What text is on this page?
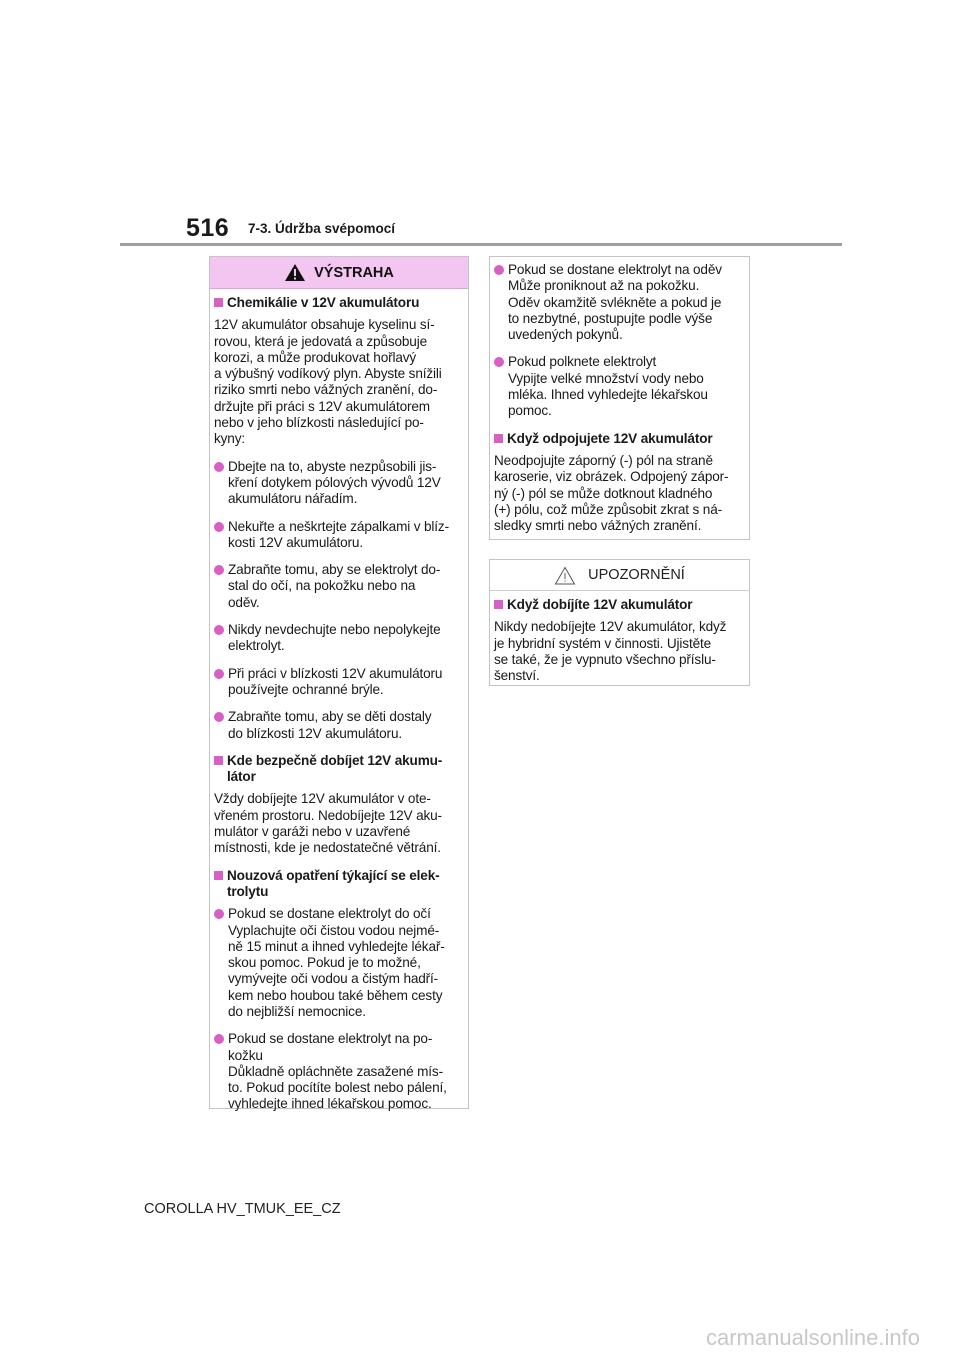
516 7-3. Údržba svépomocí
VÝSTRAHA
Chemikálie v 12V akumulátoru
12V akumulátor obsahuje kyselinu sí-
rovou, která je jedovatá a způsobuje
korozi, a může produkovat hořlavý
a výbušný vodíkový plyn. Abyste snížili
riziko smrti nebo vážných zranění, do-
držujte při práci s 12V akumulátorem
nebo v jeho blízkosti následující po-
kyny:
Dbejte na to, abyste nezpůsobili jis-
kření dotykem pólových vývodů 12V
akumulátoru nářadím.
Nekuřte a neškrtejte zápalkami v blíz-
kosti 12V akumulátoru.
Zabraňte tomu, aby se elektrolyt do-
stal do očí, na pokožku nebo na
oděv.
Nikdy nevdechujte nebo nepolykejte
elektrolyt.
Při práci v blízkosti 12V akumulátoru
používejte ochranné brýle.
Zabraňte tomu, aby se děti dostaly
do blízkosti 12V akumulátoru.
Kde bezpečně dobíjet 12V akumu-
látor
Vždy dobíjejte 12V akumulátor v ote-
vřeném prostoru. Nedobíjejte 12V aku-
mulátor v garáži nebo v uzavřené
místnosti, kde je nedostatečné větrání.
Nouzová opatření týkající se elek-
trolytu
Pokud se dostane elektrolyt do očí
Vyplachujte oči čistou vodou nejmé-
ně 15 minut a ihned vyhledejte lékař-
skou pomoc. Pokud je to možné,
vymývejte oči vodou a čistým hadří-
kem nebo houbou také během cesty
do nejbližší nemocnice.
Pokud se dostane elektrolyt na po-
kožku
Důkladně opláchněte zasažené mís-
to. Pokud pocítíte bolest nebo pálení,
vyhledejte ihned lékařskou pomoc.
Pokud se dostane elektrolyt na oděv
Může proniknout až na pokožku.
Oděv okamžitě svlékněte a pokud je
to nezbytné, postupujte podle výše
uvedených pokynů.
Pokud polknete elektrolyt
Vypijte velké množství vody nebo
mléka. Ihned vyhledejte lékařskou
pomoc.
Když odpojujete 12V akumulátor
Neodpojujte záporný (-) pól na straně
karoserie, viz obrázek. Odpojený zápor-
ný (-) pól se může dotknout kladného
(+) pólu, což může způsobit zkrat s ná-
sledky smrti nebo vážných zranění.
UPOZORNĚNÍ
Když dobíjíte 12V akumulátor
Nikdy nedobíjejte 12V akumulátor, když
je hybridní systém v činnosti. Ujistěte
se také, že je vypnuto všechno příslu-
šenství.
COROLLA HV_TMUK_EE_CZ
carmanualsonline.info
